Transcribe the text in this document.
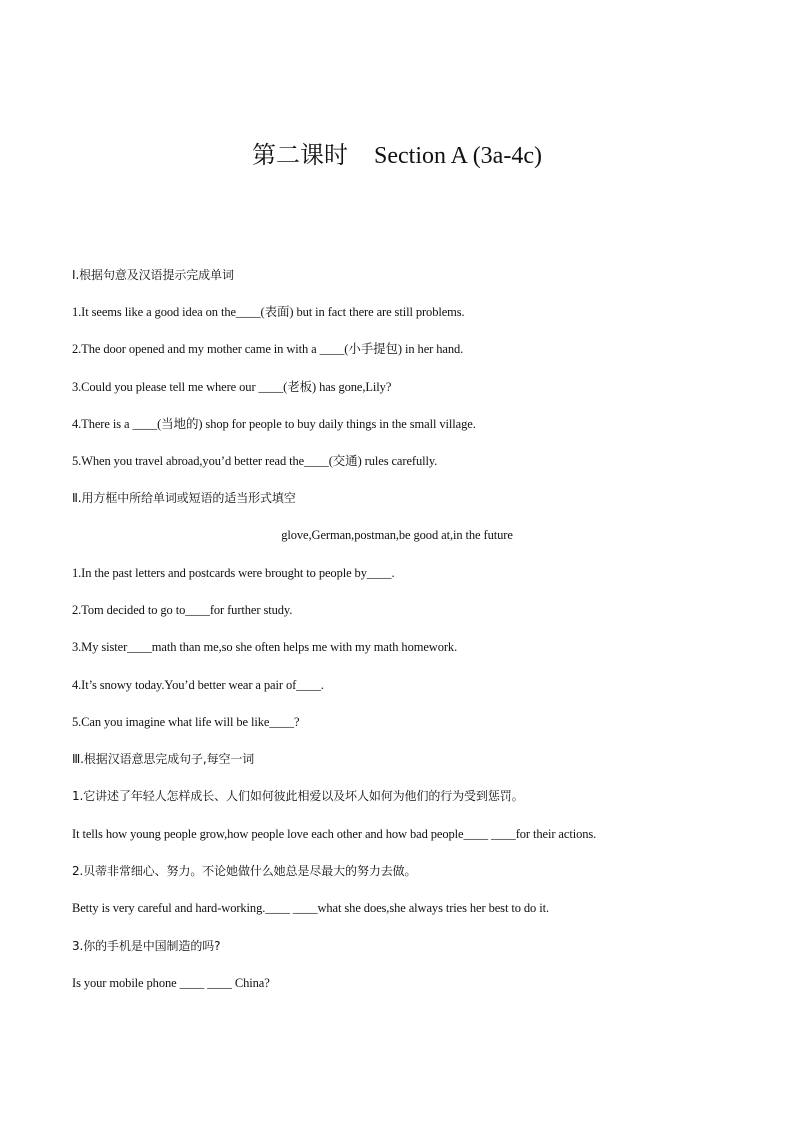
第二课时 Section A (3a-4c)
Ⅰ.根据句意及汉语提示完成单词
1.It seems like a good idea on the____(表面) but in fact there are still problems.
2.The door opened and my mother came in with a ____(小手提包) in her hand.
3.Could you please tell me where our ____(老板) has gone,Lily?
4.There is a ____(当地的) shop for people to buy daily things in the small village.
5.When you travel abroad,you’d better read the____(交通) rules carefully.
Ⅱ.用方框中所给单词或短语的适当形式填空
glove,German,postman,be good at,in the future
1.In the past letters and postcards were brought to people by____.
2.Tom decided to go to____for further study.
3.My sister____math than me,so she often helps me with my math homework.
4.It’s snowy today.You’d better wear a pair of____.
5.Can you imagine what life will be like____?
Ⅲ.根据汉语意思完成句子,每空一词
1.它讲述了年轻人怎样成长、人们如何彼此相爱以及坏人如何为他们的行为受到惩罚。
It tells how young people grow,how people love each other and how bad people____ ____for their actions.
2.贝蒂非常细心、努力。不论她做什么她总是尽最大的努力去做。
Betty is very careful and hard-working.____ ____what she does,she always tries her best to do it.
3.你的手机是中国制造的吗?
Is your mobile phone ____ ____ China?
